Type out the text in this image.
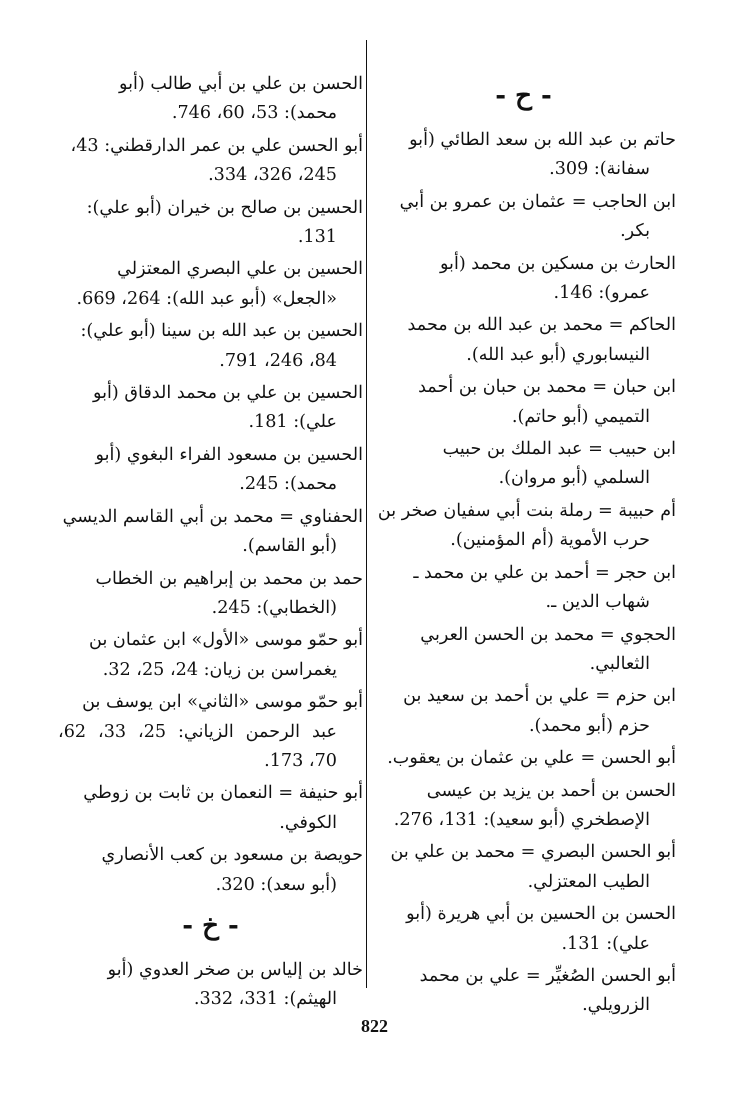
- ح -
حاتم بن عبد الله بن سعد الطائي (أبو
سفانة): 309.
ابن الحاجب = عثمان بن عمرو بن أبي
بكر.
الحارث بن مسكين بن محمد (أبو
عمرو): 146.
الحاكم = محمد بن عبد الله بن محمد
النيسابوري (أبو عبد الله).
ابن حبان = محمد بن حبان بن أحمد
التميمي (أبو حاتم).
ابن حبيب = عبد الملك بن حبيب
السلمي (أبو مروان).
أم حبيبة = رملة بنت أبي سفيان صخر بن
حرب الأموية (أم المؤمنين).
ابن حجر = أحمد بن علي بن محمد ـ
شهاب الدين ـ.
الحجوي = محمد بن الحسن العربي
الثعالبي.
ابن حزم = علي بن أحمد بن سعيد بن
حزم (أبو محمد).
أبو الحسن = علي بن عثمان بن يعقوب.
الحسن بن أحمد بن يزيد بن عيسى
الإصطخري (أبو سعيد): 131، 276.
أبو الحسن البصري = محمد بن علي بن
الطيب المعتزلي.
الحسن بن الحسين بن أبي هريرة (أبو
علي): 131.
أبو الحسن الصُغيِّر = علي بن محمد
الزرويلي.
الحسن بن علي بن أبي طالب (أبو
محمد): 53، 60، 746.
أبو الحسن علي بن عمر الدارقطني: 43،
245، 326، 334.
الحسين بن صالح بن خيران (أبو علي):
131.
الحسين بن علي البصري المعتزلي
«الجعل» (أبو عبد الله): 264، 669.
الحسين بن عبد الله بن سينا (أبو علي):
84، 246، 791.
الحسين بن علي بن محمد الدقاق (أبو
علي): 181.
الحسين بن مسعود الفراء البغوي (أبو
محمد): 245.
الحفناوي = محمد بن أبي القاسم الديسي
(أبو القاسم).
حمد بن محمد بن إبراهيم بن الخطاب
(الخطابي): 245.
أبو حمّو موسى «الأول» ابن عثمان بن
يغمراسن بن زيان: 24، 25، 32.
أبو حمّو موسى «الثاني» ابن يوسف بن
عبد الرحمن الزياني: 25، 33، 62، 70، 173.
أبو حنيفة = النعمان بن ثابت بن زوطي
الكوفي.
حويصة بن مسعود بن كعب الأنصاري
(أبو سعد): 320.
- خ -
خالد بن إلياس بن صخر العدوي (أبو
الهيثم): 331، 332.
822
